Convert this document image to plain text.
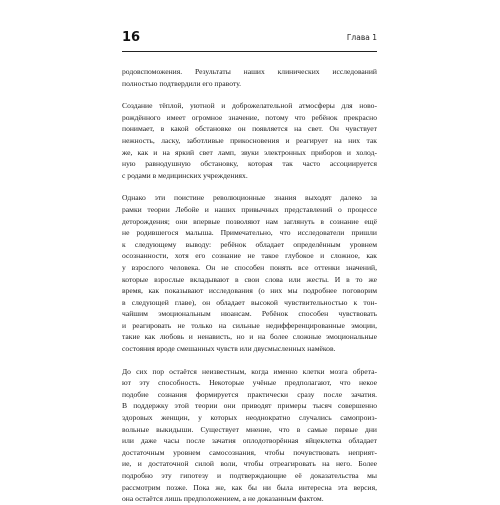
16	Глава 1

родовспоможения. Результаты наших клинических исследований
полностью подтвердили его правоту.

Создание тёплой, уютной и доброжелательной атмосферы для ново-
рождённого имеет огромное значение, потому что ребёнок прекрасно
понимает, в какой обстановке он появляется на свет. Он чувствует
нежность, ласку, заботливые прикосновения и реагирует на них так
же, как и на яркий свет ламп, звуки электронных приборов и холод-
ную равнодушную обстановку, которая так часто ассоциируется
с родами в медицинских учреждениях.

Однако эти поистине революционные знания выходят далеко за
рамки теории Лебойе и наших привычных представлений о процессе
деторождения; они впервые позволяют нам заглянуть в сознание ещё
не родившегося малыша. Примечательно, что исследователи пришли
к следующему выводу: ребёнок обладает определённым уровнем
осознанности, хотя его сознание не такое глубокое и сложное, как
у взрослого человека. Он не способен понять все оттенки значений,
которые взрослые вкладывают в свои слова или жесты. И в то же
время, как показывают исследования (о них мы подробнее поговорим
в следующей главе), он обладает высокой чувствительностью к тон-
чайшим эмоциональным нюансам. Ребёнок способен чувствовать
и реагировать не только на сильные недифференцированные эмоции,
такие как любовь и ненависть, но и на более сложные эмоциональные
состояния вроде смешанных чувств или двусмысленных намёков.

До сих пор остаётся неизвестным, когда именно клетки мозга обрета-
ют эту способность. Некоторые учёные предполагают, что некое
подобие сознания формируется практически сразу после зачатия.
В поддержку этой теории они приводят примеры тысяч совершенно
здоровых женщин, у которых неоднократно случались самопроиз-
вольные выкидыши. Существует мнение, что в самые первые дни
или даже часы после зачатия оплодотворённая яйцеклетка обладает
достаточным уровнем самосознания, чтобы почувствовать неприят-
ие, и достаточной силой воли, чтобы отреагировать на него. Более
подробно эту гипотезу и подтверждающие её доказательства мы
рассмотрим позже. Пока же, как бы ни была интересна эта версия,
она остаётся лишь предположением, а не доказанным фактом.
